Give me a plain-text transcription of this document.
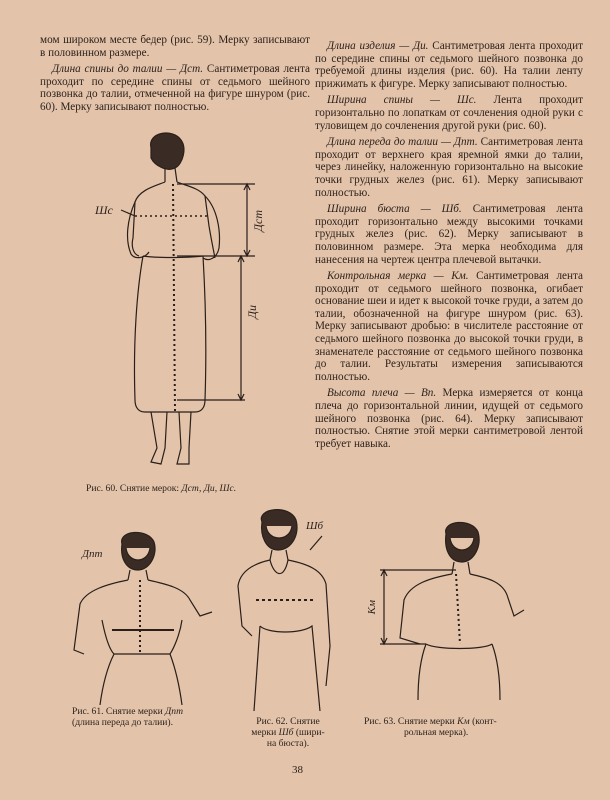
мом широком месте бедер (рис. 59). Мерку записывают в половинном размере.

Длина спины до талии — Дст. Сантиметровая лента проходит по середине спины от седьмого шейного позвонка до талии, отмеченной на фигуре шнуром (рис. 60). Мерку записывают полностью.

Длина изделия — Ди. Сантиметровая лента проходит по середине спины от седьмого шейного позвонка до требуемой длины изделия (рис. 60). На талии ленту прижимать к фигуре. Мерку записывают полностью.

Ширина спины — Шс. Лента проходит горизонтально по лопаткам от сочленения одной руки с туловищем до сочленения другой руки (рис. 60).

Длина переда до талии — Дпт. Сантиметровая лента проходит от верхнего края яремной ямки до талии, через линейку, наложенную горизонтально на высокие точки грудных желез (рис. 61). Мерку записывают полностью.

Ширина бюста — Шб. Сантиметровая лента проходит горизонтально между высокими точками грудных желез (рис. 62). Мерку записывают в половинном размере. Эта мерка необходима для нанесения на чертеж центра плечевой вытачки.

Контрольная мерка — Км. Сантиметровая лента проходит от седьмого шейного позвонка, огибает основание шеи и идет к высокой точке груди, а затем до талии, обозначенной на фигуре шнуром (рис. 63). Мерку записывают дробью: в числителе расстояние от седьмого шейного позвонка до высокой точки груди, в знаменателе расстояние от седьмого шейного позвонка до талии. Результаты измерения записываются полностью.

Высота плеча — Вп. Мерка измеряется от конца плеча до горизонтальной линии, идущей от седьмого шейного позвонка (рис. 64). Мерку записывают полностью. Снятие этой мерки сантиметровой лентой требует навыка.

Шс	Дст
Ди
Рис. 60. Снятие мерок: Дст, Ди, Шс.
Дпт
Рис. 61. Снятие мерки Дпт
(длина переда до талии).
Шб
Рис. 62. Снятие
мерки Шб (шири-
на бюста).
Км
Рис. 63. Снятие мерки Км (конт-
рольная мерка).
38
